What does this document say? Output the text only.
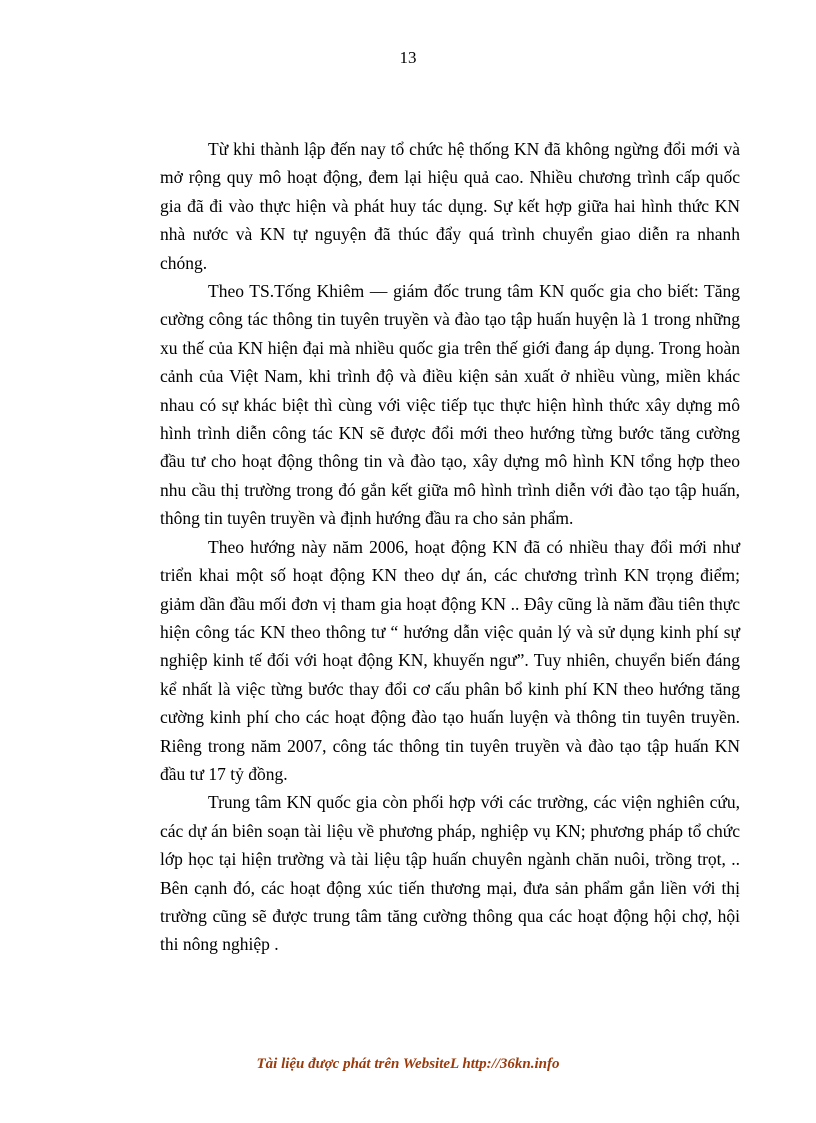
13

Từ khi thành lập đến nay tổ chức hệ thống KN đã không ngừng đổi mới và mở rộng quy mô hoạt động, đem lại hiệu quả cao. Nhiều chương trình cấp quốc gia đã đi vào thực hiện và phát huy tác dụng. Sự kết hợp giữa hai hình thức KN nhà nước và KN tự nguyện đã thúc đẩy quá trình chuyển giao diễn ra nhanh chóng.

Theo TS.Tống Khiêm — giám đốc trung tâm KN quốc gia cho biết: Tăng cường công tác thông tin tuyên truyền và đào tạo tập huấn huyện là 1 trong những xu thế của KN hiện đại mà nhiều quốc gia trên thế giới đang áp dụng. Trong hoàn cảnh của Việt Nam, khi trình độ và điều kiện sản xuất ở nhiều vùng, miền khác nhau có sự khác biệt thì cùng với việc tiếp tục thực hiện hình thức xây dựng mô hình trình diễn công tác KN sẽ được đổi mới theo hướng từng bước tăng cường đầu tư cho hoạt động thông tin và đào tạo, xây dựng mô hình KN tổng hợp theo nhu cầu thị trường trong đó gắn kết giữa mô hình trình diễn với đào tạo tập huấn, thông tin tuyên truyền và định hướng đầu ra cho sản phẩm.

Theo hướng này năm 2006, hoạt động KN đã có nhiều thay đổi mới như triển khai một số hoạt động KN theo dự án, các chương trình KN trọng điểm; giảm dần đầu mối đơn vị tham gia hoạt động KN .. Đây cũng là năm đầu tiên thực hiện công tác KN theo thông tư “ hướng dẫn việc quản lý và sử dụng kinh phí sự nghiệp kinh tế đối với hoạt động KN, khuyến ngư”. Tuy nhiên, chuyển biến đáng kể nhất là việc từng bước thay đổi cơ cấu phân bổ kinh phí KN theo hướng tăng cường kinh phí cho các hoạt động đào tạo huấn luyện và thông tin tuyên truyền. Riêng trong năm 2007, công tác thông tin tuyên truyền và đào tạo tập huấn KN đầu tư 17 tỷ đồng.

Trung tâm KN quốc gia còn phối hợp với các trường, các viện nghiên cứu, các dự án biên soạn tài liệu về phương pháp, nghiệp vụ KN; phương pháp tổ chức lớp học tại hiện trường và tài liệu tập huấn chuyên ngành chăn nuôi, trồng trọt, .. Bên cạnh đó, các hoạt động xúc tiến thương mại, đưa sản phẩm gắn liền với thị trường cũng sẽ được trung tâm tăng cường thông qua các hoạt động hội chợ, hội thi nông nghiệp .

Tài liệu được phát trên WebsiteL http://36kn.info
